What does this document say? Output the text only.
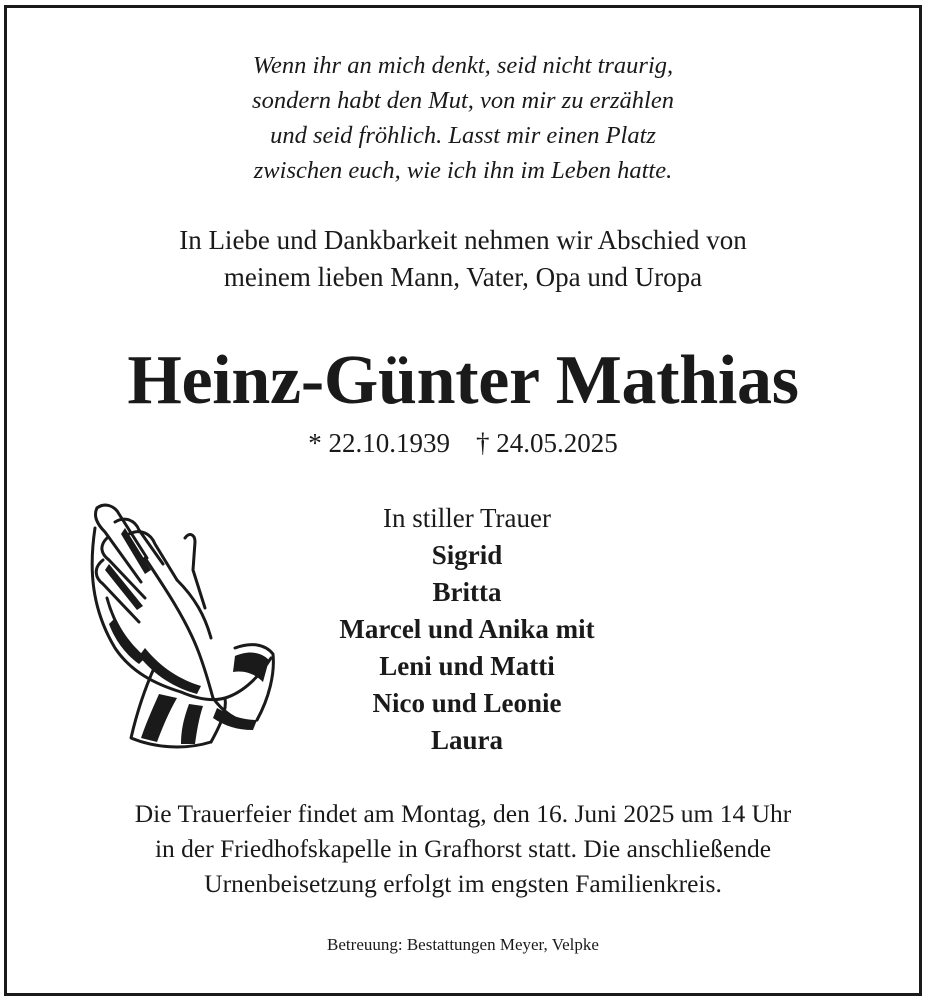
Wenn ihr an mich denkt, seid nicht traurig,
sondern habt den Mut, von mir zu erzählen
und seid fröhlich. Lasst mir einen Platz
zwischen euch, wie ich ihn im Leben hatte.
In Liebe und Dankbarkeit nehmen wir Abschied von
meinem lieben Mann, Vater, Opa und Uropa
Heinz-Günter Mathias
* 22.10.1939 † 24.05.2025
In stiller Trauer
Sigrid
Britta
Marcel und Anika mit
Leni und Matti
Nico und Leonie
Laura
Die Trauerfeier findet am Montag, den 16. Juni 2025 um 14 Uhr
in der Friedhofskapelle in Grafhorst statt. Die anschließende
Urnenbeisetzung erfolgt im engsten Familienkreis.
Betreuung: Bestattungen Meyer, Velpke
